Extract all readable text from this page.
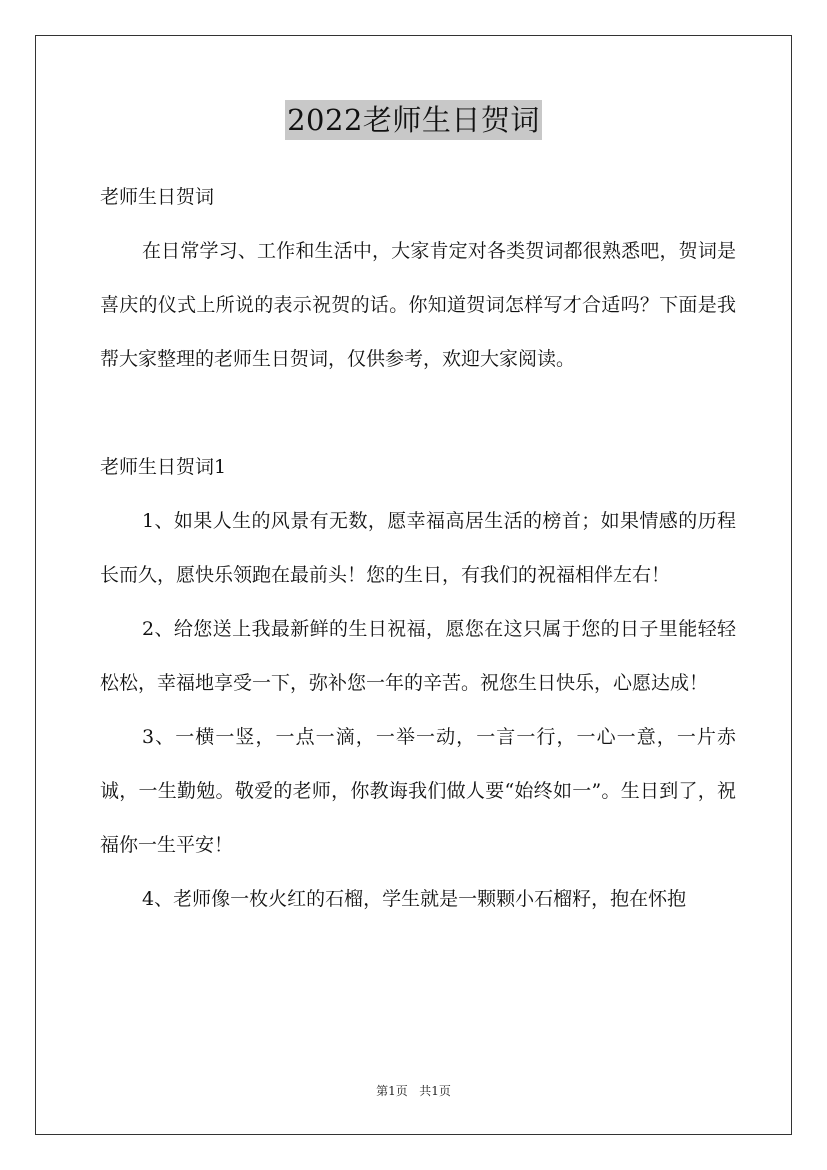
2022老师生日贺词

老师生日贺词

在日常学习、工作和生活中，大家肯定对各类贺词都很熟悉吧，贺词是喜庆的仪式上所说的表示祝贺的话。你知道贺词怎样写才合适吗？下面是我帮大家整理的老师生日贺词，仅供参考，欢迎大家阅读。

老师生日贺词1

1、如果人生的风景有无数，愿幸福高居生活的榜首；如果情感的历程长而久，愿快乐领跑在最前头！您的生日，有我们的祝福相伴左右！

2、给您送上我最新鲜的生日祝福，愿您在这只属于您的日子里能轻轻松松，幸福地享受一下，弥补您一年的辛苦。祝您生日快乐，心愿达成！

3、一横一竖，一点一滴，一举一动，一言一行，一心一意，一片赤诚，一生勤勉。敬爱的老师，你教诲我们做人要“始终如一”。生日到了，祝福你一生平安！

4、老师像一枚火红的石榴，学生就是一颗颗小石榴籽，抱在怀抱

第1页 共1页
